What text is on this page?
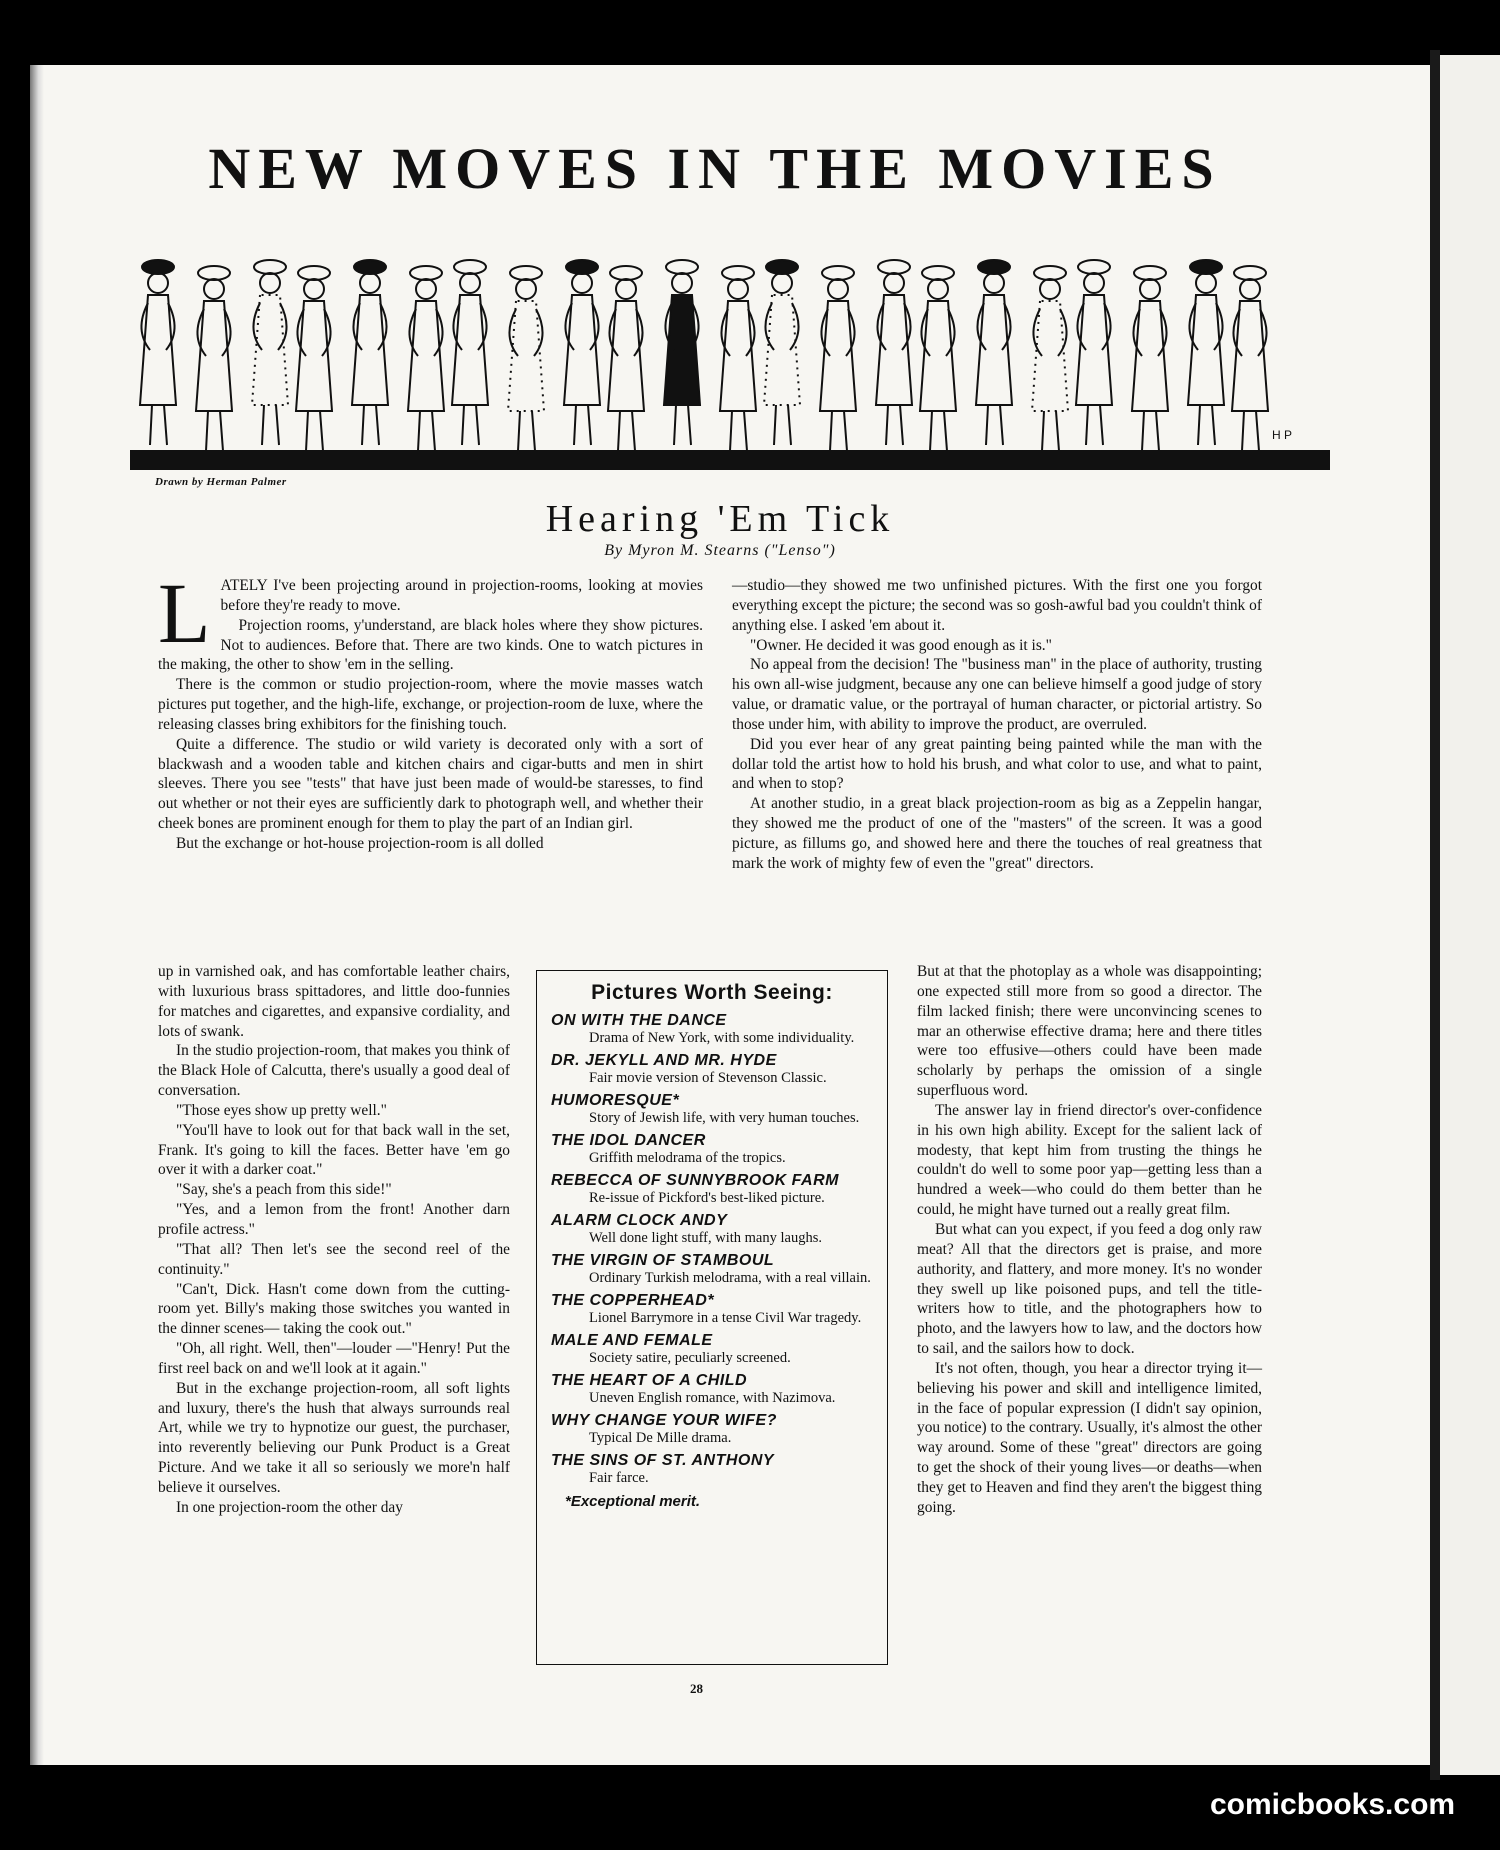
NEW MOVES IN THE MOVIES
H P
Drawn by Herman Palmer
Hearing 'Em Tick
By Myron M. Stearns ("Lenso")

LATELY I've been projecting around in projection-rooms, looking at movies before they're ready to move.

Projection rooms, y'understand, are black holes where they show pictures. Not to audiences. Before that. There are two kinds. One to watch pictures in the making, the other to show 'em in the selling.

There is the common or studio projection-room, where the movie masses watch pictures put together, and the high-life, exchange, or projection-room de luxe, where the releasing classes bring exhibitors for the finishing touch.

Quite a difference. The studio or wild variety is decorated only with a sort of blackwash and a wooden table and kitchen chairs and cigar-butts and men in shirt sleeves. There you see "tests" that have just been made of would-be staresses, to find out whether or not their eyes are sufficiently dark to photograph well, and whether their cheek bones are prominent enough for them to play the part of an Indian girl.

But the exchange or hot-house projection-room is all dolled

up in varnished oak, and has comfortable leather chairs, with luxurious brass spittadores, and little doo-funnies for matches and cigarettes, and expansive cordiality, and lots of swank.

In the studio projection-room, that makes you think of the Black Hole of Calcutta, there's usually a good deal of conversation.

"Those eyes show up pretty well."

"You'll have to look out for that back wall in the set, Frank. It's going to kill the faces. Better have 'em go over it with a darker coat."

"Say, she's a peach from this side!"

"Yes, and a lemon from the front! Another darn profile actress."

"That all? Then let's see the second reel of the continuity."

"Can't, Dick. Hasn't come down from the cutting-room yet. Billy's making those switches you wanted in the dinner scenes— taking the cook out."

"Oh, all right. Well, then"—louder —"Henry! Put the first reel back on and we'll look at it again."

But in the exchange projection-room, all soft lights and luxury, there's the hush that always surrounds real Art, while we try to hypnotize our guest, the purchaser, into reverently believing our Punk Product is a Great Picture. And we take it all so seriously we more'n half believe it ourselves.

In one projection-room the other day

—studio—they showed me two unfinished pictures. With the first one you forgot everything except the picture; the second was so gosh-awful bad you couldn't think of anything else. I asked 'em about it.

"Owner. He decided it was good enough as it is."

No appeal from the decision! The "business man" in the place of authority, trusting his own all-wise judgment, because any one can believe himself a good judge of story value, or dramatic value, or the portrayal of human character, or pictorial artistry. So those under him, with ability to improve the product, are overruled.

Did you ever hear of any great painting being painted while the man with the dollar told the artist how to hold his brush, and what color to use, and what to paint, and when to stop?

At another studio, in a great black projection-room as big as a Zeppelin hangar, they showed me the product of one of the "masters" of the screen. It was a good picture, as fillums go, and showed here and there the touches of real greatness that mark the work of mighty few of even the "great" directors.

But at that the photoplay as a whole was disappointing; one expected still more from so good a director. The film lacked finish; there were unconvincing scenes to mar an otherwise effective drama; here and there titles were too effusive—others could have been made scholarly by perhaps the omission of a single superfluous word.

The answer lay in friend director's over-confidence in his own high ability. Except for the salient lack of modesty, that kept him from trusting the things he couldn't do well to some poor yap—getting less than a hundred a week—who could do them better than he could, he might have turned out a really great film.

But what can you expect, if you feed a dog only raw meat? All that the directors get is praise, and more authority, and flattery, and more money. It's no wonder they swell up like poisoned pups, and tell the title-writers how to title, and the photographers how to photo, and the lawyers how to law, and the doctors how to sail, and the sailors how to dock.

It's not often, though, you hear a director trying it—believing his power and skill and intelligence limited, in the face of popular expression (I didn't say opinion, you notice) to the contrary. Usually, it's almost the other way around. Some of these "great" directors are going to get the shock of their young lives—or deaths—when they get to Heaven and find they aren't the biggest thing going.

Pictures Worth Seeing:
ON WITH THE DANCE
Drama of New York, with some individuality.
DR. JEKYLL AND MR. HYDE
Fair movie version of Stevenson Classic.
HUMORESQUE*
Story of Jewish life, with very human touches.
THE IDOL DANCER
Griffith melodrama of the tropics.
REBECCA OF SUNNYBROOK FARM
Re-issue of Pickford's best-liked picture.
ALARM CLOCK ANDY
Well done light stuff, with many laughs.
THE VIRGIN OF STAMBOUL
Ordinary Turkish melodrama, with a real villain.
THE COPPERHEAD*
Lionel Barrymore in a tense Civil War tragedy.
MALE AND FEMALE
Society satire, peculiarly screened.
THE HEART OF A CHILD
Uneven English romance, with Nazimova.
WHY CHANGE YOUR WIFE?
Typical De Mille drama.
THE SINS OF ST. ANTHONY
Fair farce.
*Exceptional merit.
28
comicbooks.com
